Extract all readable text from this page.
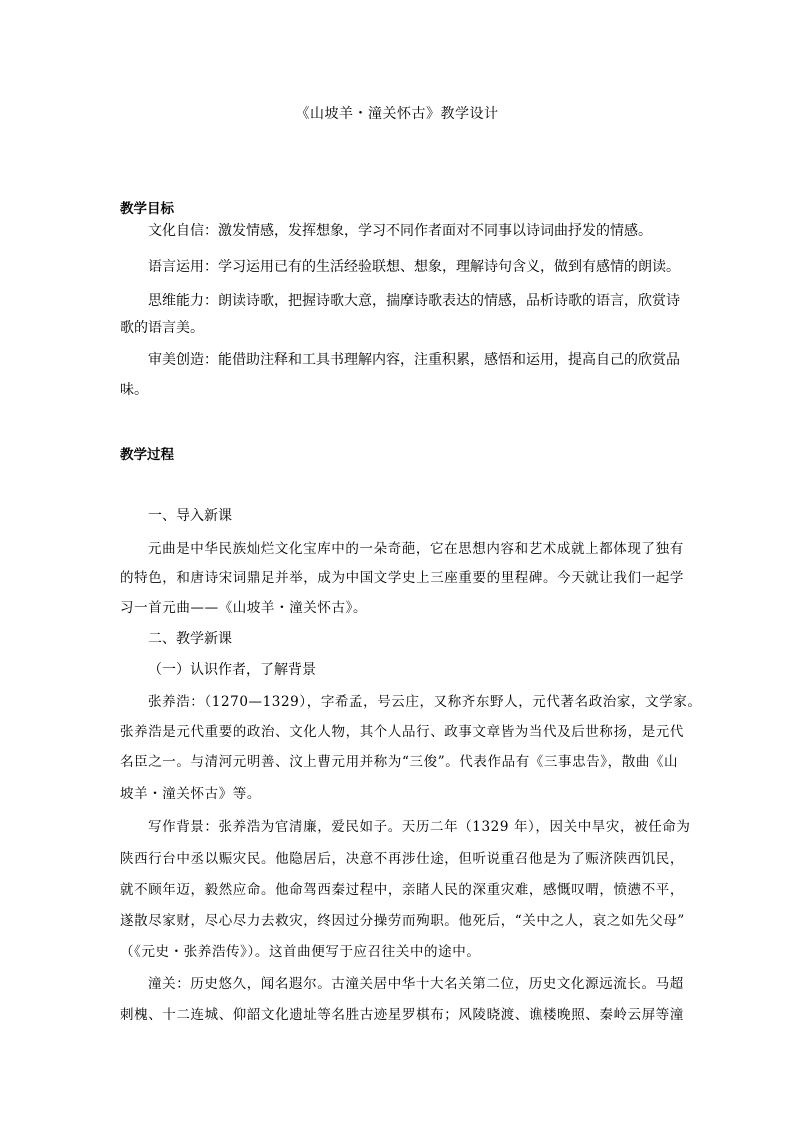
《山坡羊・潼关怀古》教学设计
教学目标
文化自信：激发情感，发挥想象，学习不同作者面对不同事以诗词曲抒发的情感。
语言运用：学习运用已有的生活经验联想、想象，理解诗句含义，做到有感情的朗读。
思维能力：朗读诗歌，把握诗歌大意，揣摩诗歌表达的情感，品析诗歌的语言，欣赏诗
歌的语言美。
审美创造：能借助注释和工具书理解内容，注重积累，感悟和运用，提高自己的欣赏品
味。
教学过程
一、导入新课
元曲是中华民族灿烂文化宝库中的一朵奇葩，它在思想内容和艺术成就上都体现了独有
的特色，和唐诗宋词鼎足并举，成为中国文学史上三座重要的里程碑。今天就让我们一起学
习一首元曲——《山坡羊・潼关怀古》。
二、教学新课
（一）认识作者，了解背景
张养浩：（1270—1329），字希孟，号云庄，又称齐东野人，元代著名政治家，文学家。
张养浩是元代重要的政治、文化人物，其个人品行、政事文章皆为当代及后世称扬，是元代
名臣之一。与清河元明善、汶上曹元用并称为“三俊”。代表作品有《三事忠告》，散曲《山
坡羊・潼关怀古》等。
写作背景：张养浩为官清廉，爱民如子。天历二年（1329 年），因关中旱灾，被任命为
陕西行台中丞以赈灾民。他隐居后，决意不再涉仕途，但听说重召他是为了赈济陕西饥民，
就不顾年迈，毅然应命。他命驾西秦过程中，亲睹人民的深重灾难，感慨叹喟，愤懑不平，
遂散尽家财，尽心尽力去救灾，终因过分操劳而殉职。他死后，“关中之人，哀之如先父母”
（《元史・张养浩传》）。这首曲便写于应召往关中的途中。
潼关：历史悠久，闻名遐尔。古潼关居中华十大名关第二位，历史文化源远流长。马超
刺槐、十二连城、仰韶文化遗址等名胜古迹星罗棋布；风陵晓渡、谯楼晚照、秦岭云屏等潼
